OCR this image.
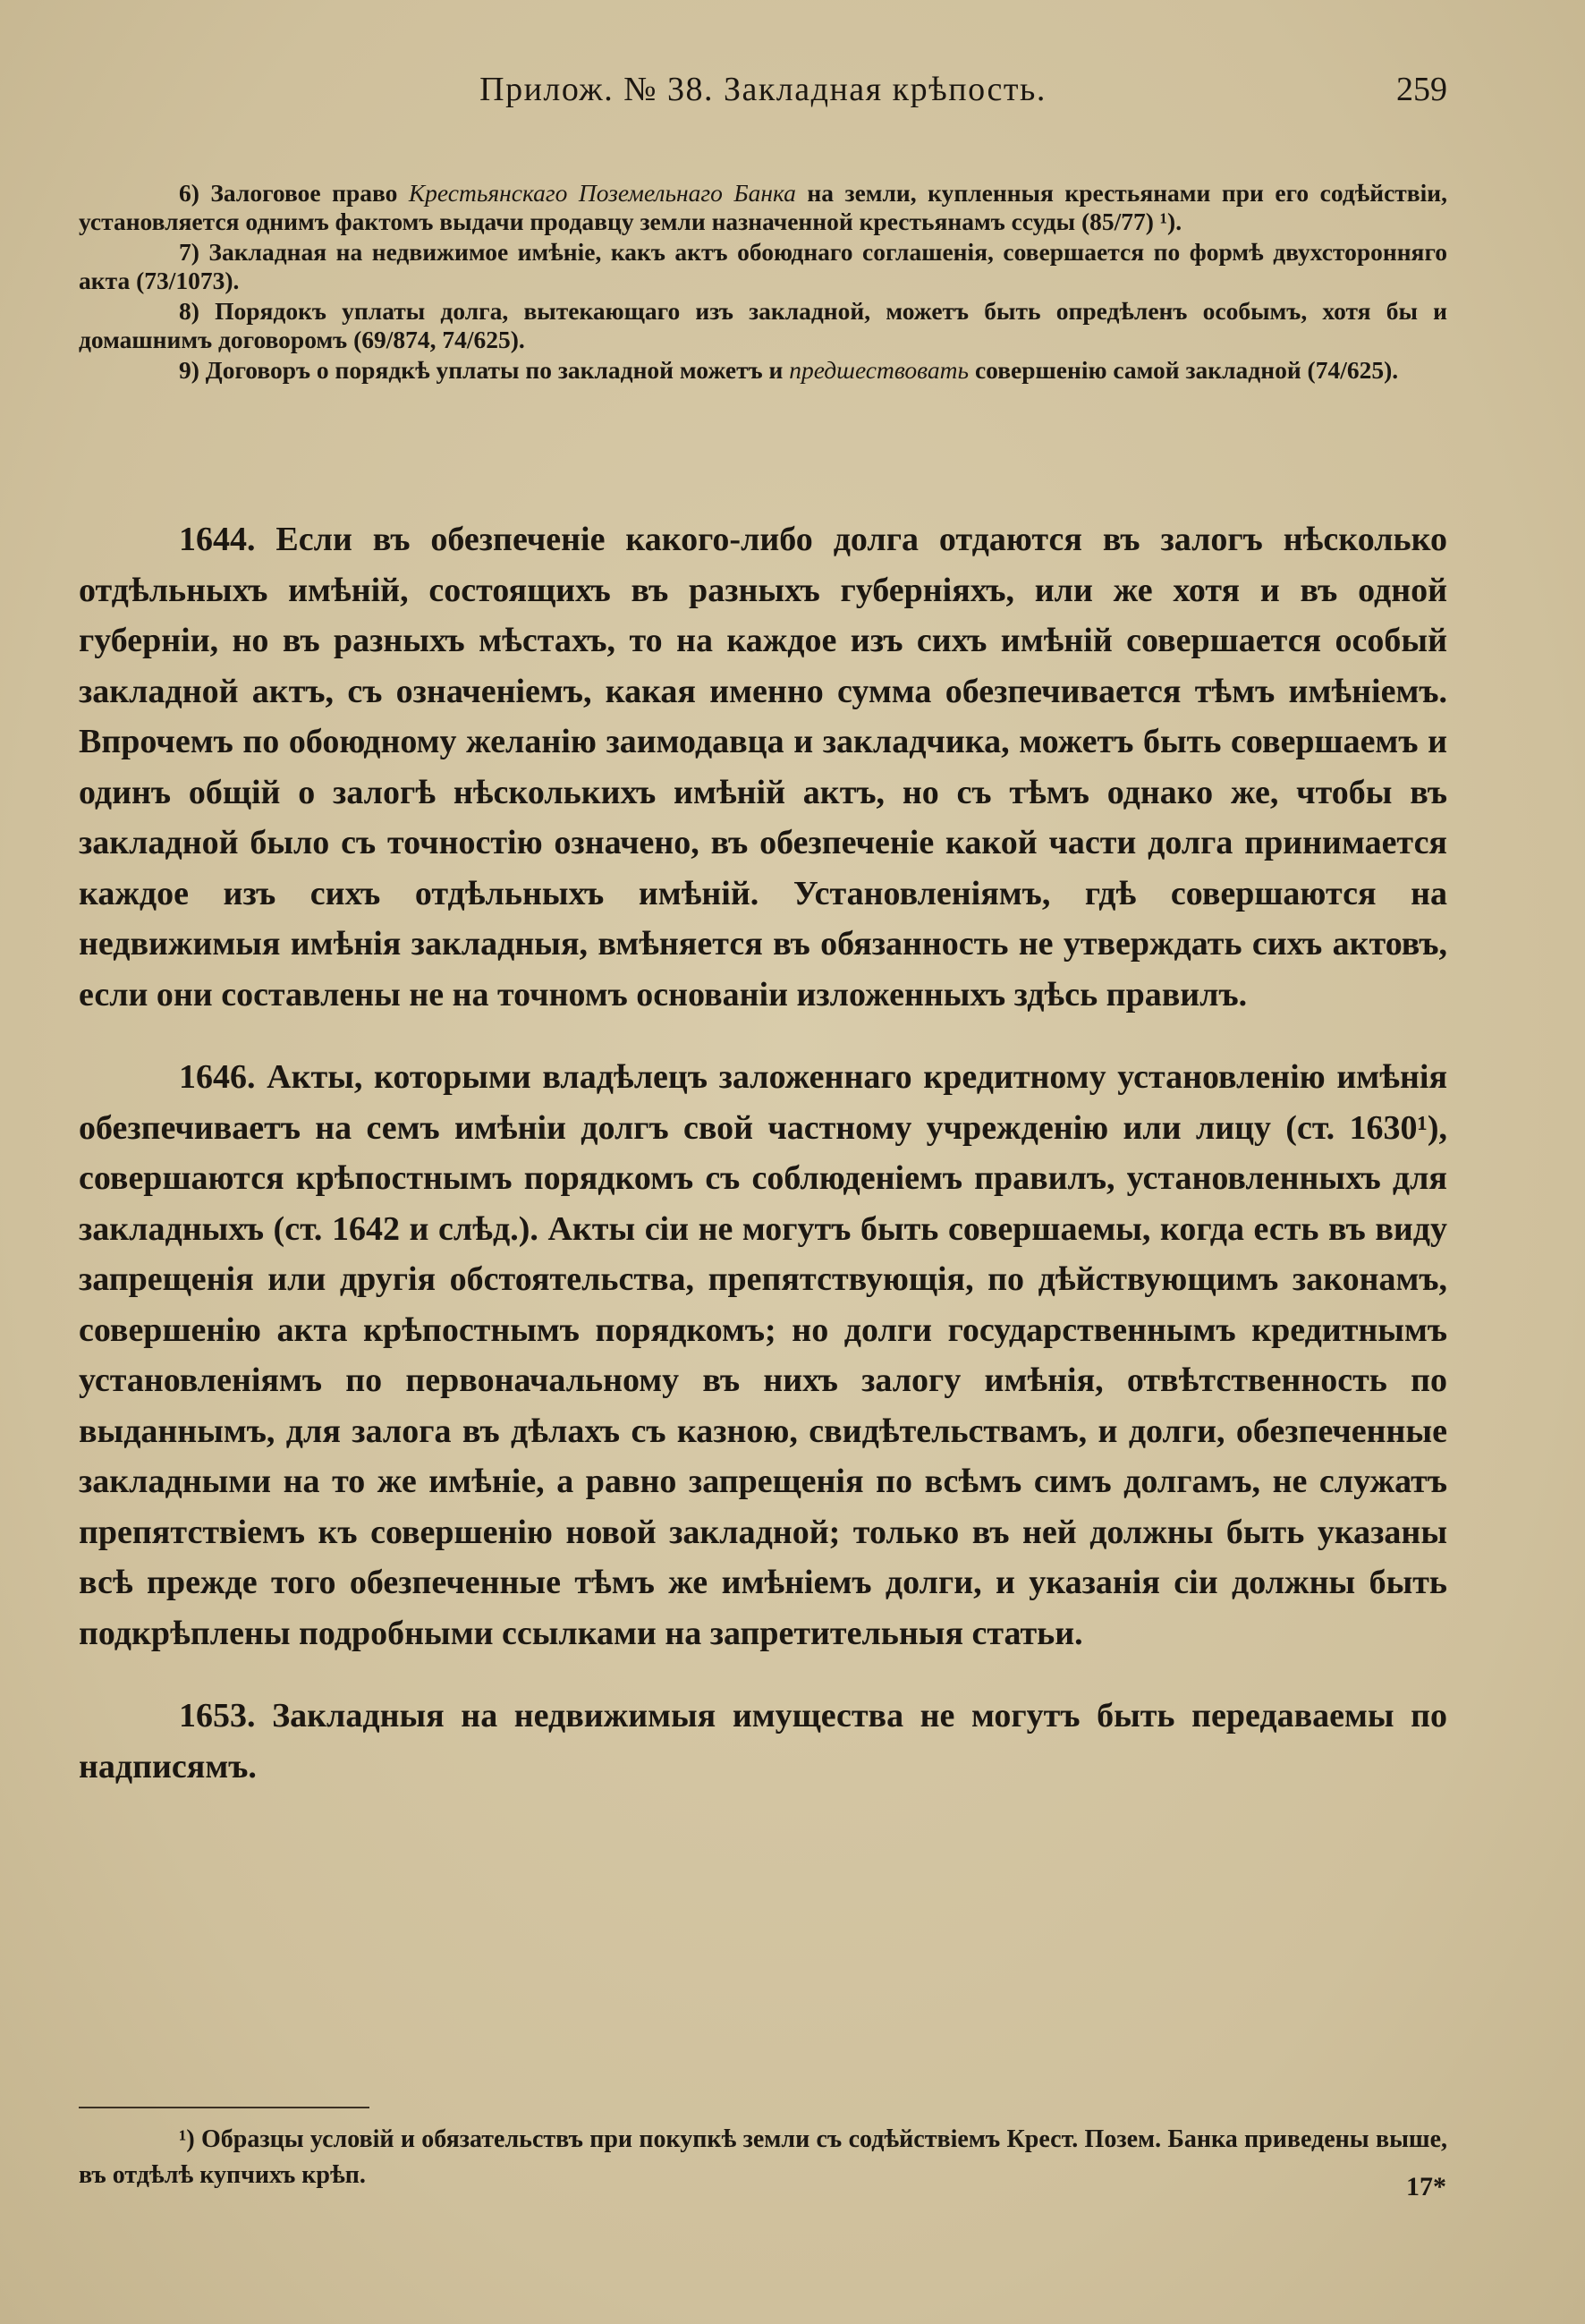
Прилож. № 38. Закладная крѣпость.	259

6) Залоговое право Крестьянскаго Поземельнаго Банка на земли, купленныя крестьянами при его содѣйствіи, установляется однимъ фактомъ выдачи продавцу земли назначенной крестьянамъ ссуды (85/77) ¹).

7) Закладная на недвижимое имѣніе, какъ актъ обоюднаго соглашенія, совершается по формѣ двухсторонняго акта (73/1073).

8) Порядокъ уплаты долга, вытекающаго изъ закладной, можетъ быть опредѣленъ особымъ, хотя бы и домашнимъ договоромъ (69/874, 74/625).

9) Договоръ о порядкѣ уплаты по закладной можетъ и предшествовать совершенію самой закладной (74/625).

1644. Если въ обезпеченіе какого-либо долга отдаются въ залогъ нѣсколько отдѣльныхъ имѣній, состоящихъ въ разныхъ губерніяхъ, или же хотя и въ одной губерніи, но въ разныхъ мѣстахъ, то на каждое изъ сихъ имѣній совершается особый закладной актъ, съ означеніемъ, какая именно сумма обезпечивается тѣмъ имѣніемъ. Впрочемъ по обоюдному желанію заимодавца и закладчика, можетъ быть совершаемъ и одинъ общій о залогѣ нѣсколькихъ имѣній актъ, но съ тѣмъ однако же, чтобы въ закладной было съ точностію означено, въ обезпеченіе какой части долга принимается каждое изъ сихъ отдѣльныхъ имѣній. Установленіямъ, гдѣ совершаются на недвижимыя имѣнія закладныя, вмѣняется въ обязанность не утверждать сихъ актовъ, если они составлены не на точномъ основаніи изложенныхъ здѣсь правилъ.

1646. Акты, которыми владѣлецъ заложеннаго кредитному установленію имѣнія обезпечиваетъ на семъ имѣніи долгъ свой частному учрежденію или лицу (ст. 1630¹), совершаются крѣпостнымъ порядкомъ съ соблюденіемъ правилъ, установленныхъ для закладныхъ (ст. 1642 и слѣд.). Акты сіи не могутъ быть совершаемы, когда есть въ виду запрещенія или другія обстоятельства, препятствующія, по дѣйствующимъ законамъ, совершенію акта крѣпостнымъ порядкомъ; но долги государственнымъ кредитнымъ установленіямъ по первоначальному въ нихъ залогу имѣнія, отвѣтственность по выданнымъ, для залога въ дѣлахъ съ казною, свидѣтельствамъ, и долги, обезпеченные закладными на то же имѣніе, а равно запрещенія по всѣмъ симъ долгамъ, не служатъ препятствіемъ къ совершенію новой закладной; только въ ней должны быть указаны всѣ прежде того обезпеченные тѣмъ же имѣніемъ долги, и указанія сіи должны быть подкрѣплены подробными ссылками на запретительныя статьи.

1653. Закладныя на недвижимыя имущества не могутъ быть передаваемы по надписямъ.

¹) Образцы условій и обязательствъ при покупкѣ земли съ содѣйствіемъ Крест. Позем. Банка приведены выше, въ отдѣлѣ купчихъ крѣп.	17*
